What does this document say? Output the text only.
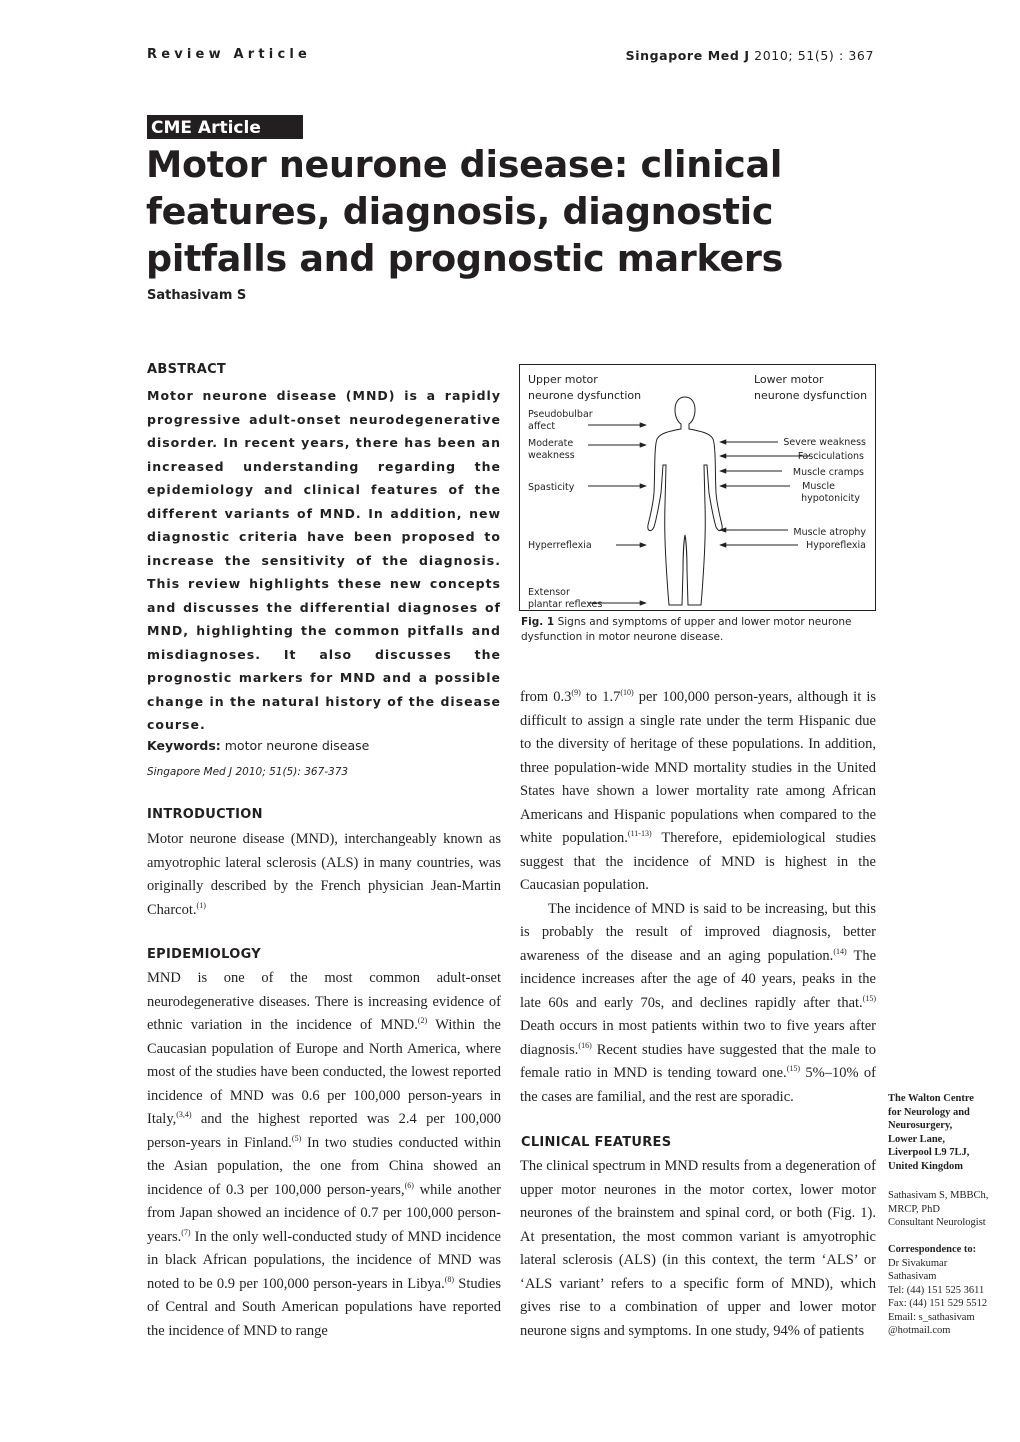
Review Article	Singapore Med J 2010; 51(5) : 367
CME Article
Motor neurone disease: clinical features, diagnosis, diagnostic pitfalls and prognostic markers
Sathasivam S
ABSTRACT
Motor neurone disease (MND) is a rapidly progressive adult-onset neurodegenerative disorder. In recent years, there has been an increased understanding regarding the epidemiology and clinical features of the different variants of MND. In addition, new diagnostic criteria have been proposed to increase the sensitivity of the diagnosis. This review highlights these new concepts and discusses the differential diagnoses of MND, highlighting the common pitfalls and misdiagnoses. It also discusses the prognostic markers for MND and a possible change in the natural history of the disease course.
Keywords: motor neurone disease
Singapore Med J 2010; 51(5): 367-373
INTRODUCTION
Motor neurone disease (MND), interchangeably known as amyotrophic lateral sclerosis (ALS) in many countries, was originally described by the French physician Jean-Martin Charcot.$^{(1)}$
EPIDEMIOLOGY
MND is one of the most common adult-onset neurodegenerative diseases. There is increasing evidence of ethnic variation in the incidence of MND.$^{(2)}$ Within the Caucasian population of Europe and North America, where most of the studies have been conducted, the lowest reported incidence of MND was 0.6 per 100,000 person-years in Italy,$^{(3,4)}$ and the highest reported was 2.4 per 100,000 person-years in Finland.$^{(5)}$ In two studies conducted within the Asian population, the one from China showed an incidence of 0.3 per 100,000 person-years,$^{(6)}$ while another from Japan showed an incidence of 0.7 per 100,000 person-years.$^{(7)}$ In the only well-conducted study of MND incidence in black African populations, the incidence of MND was noted to be 0.9 per 100,000 person-years in Libya.$^{(8)}$ Studies of Central and South American populations have reported the incidence of MND to range
Upper motor
neurone dysfunction
Lower motor
neurone dysfunction
Pseudobulbar
affect
Moderate
weakness
Spasticity
Hyperreflexia
Extensor
plantar reflexes
Severe weakness
Fasciculations
Muscle cramps
Muscle
hypotonicity
Muscle atrophy
Hyporeflexia
Fig. 1 Signs and symptoms of upper and lower motor neurone dysfunction in motor neurone disease.

from 0.3$^{(9)}$ to 1.7$^{(10)}$ per 100,000 person-years, although it is difficult to assign a single rate under the term Hispanic due to the diversity of heritage of these populations. In addition, three population-wide MND mortality studies in the United States have shown a lower mortality rate among African Americans and Hispanic populations when compared to the white population.$^{(11-13)}$ Therefore, epidemiological studies suggest that the incidence of MND is highest in the Caucasian population.

The incidence of MND is said to be increasing, but this is probably the result of improved diagnosis, better awareness of the disease and an aging population.$^{(14)}$ The incidence increases after the age of 40 years, peaks in the late 60s and early 70s, and declines rapidly after that.$^{(15)}$ Death occurs in most patients within two to five years after diagnosis.$^{(16)}$ Recent studies have suggested that the male to female ratio in MND is tending toward one.$^{(15)}$ 5%–10% of the cases are familial, and the rest are sporadic.

CLINICAL FEATURES
The clinical spectrum in MND results from a degeneration of upper motor neurones in the motor cortex, lower motor neurones of the brainstem and spinal cord, or both (Fig. 1). At presentation, the most common variant is amyotrophic lateral sclerosis (ALS) (in this context, the term ‘ALS’ or ‘ALS variant’ refers to a specific form of MND), which gives rise to a combination of upper and lower motor neurone signs and symptoms. In one study, 94% of patients
The Walton Centre
for Neurology and
Neurosurgery,
Lower Lane,
Liverpool L9 7LJ,
United Kingdom
Sathasivam S, MBBCh,
MRCP, PhD
Consultant Neurologist
Correspondence to:
Dr Sivakumar
Sathasivam
Tel: (44) 151 525 3611
Fax: (44) 151 529 5512
Email: s_sathasivam
@hotmail.com
